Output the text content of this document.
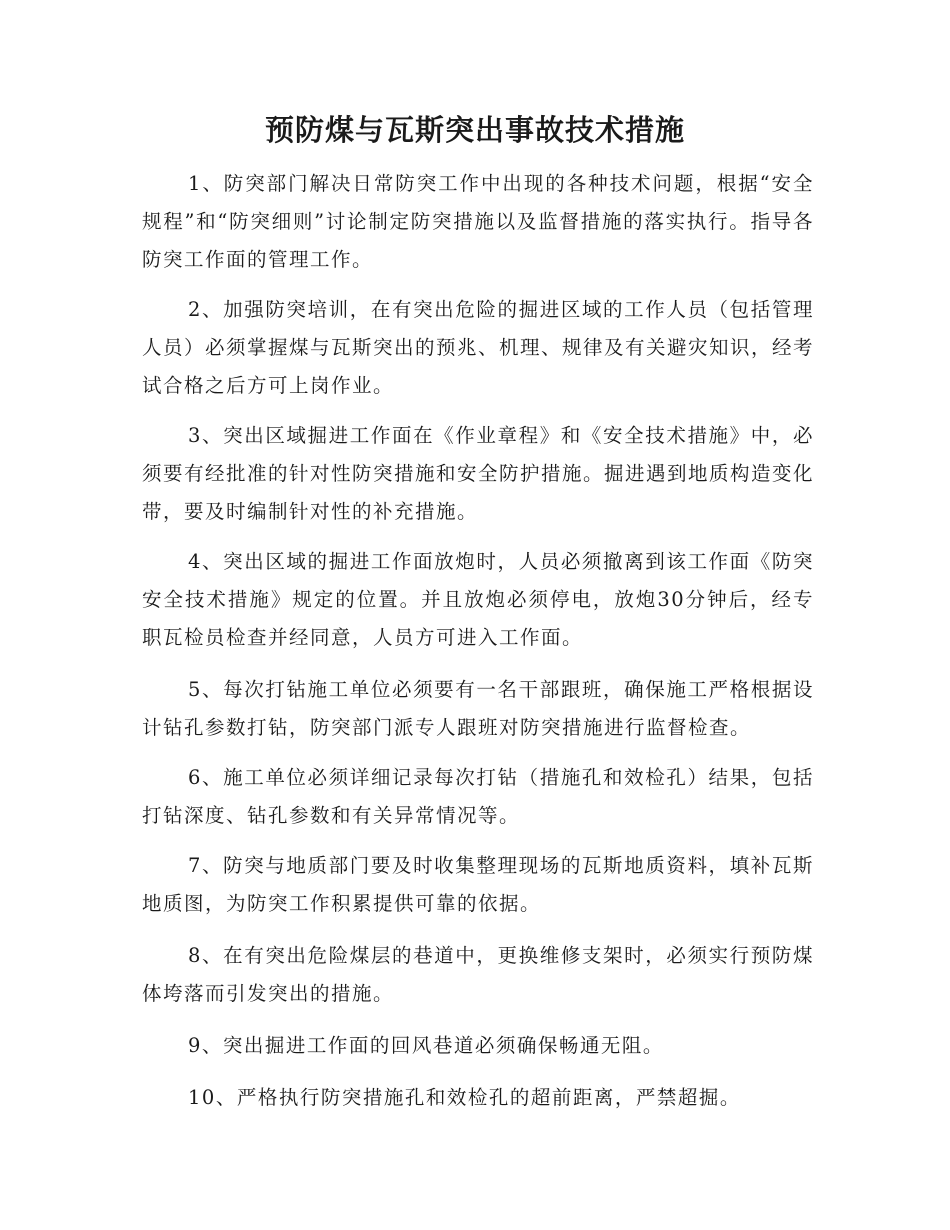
预防煤与瓦斯突出事故技术措施

1、防突部门解决日常防突工作中出现的各种技术问题，根据“安全规程”和“防突细则”讨论制定防突措施以及监督措施的落实执行。指导各防突工作面的管理工作。

2、加强防突培训，在有突出危险的掘进区域的工作人员（包括管理人员）必须掌握煤与瓦斯突出的预兆、机理、规律及有关避灾知识，经考试合格之后方可上岗作业。

3、突出区域掘进工作面在《作业章程》和《安全技术措施》中，必须要有经批准的针对性防突措施和安全防护措施。掘进遇到地质构造变化带，要及时编制针对性的补充措施。

4、突出区域的掘进工作面放炮时，人员必须撤离到该工作面《防突安全技术措施》规定的位置。并且放炮必须停电，放炮30分钟后，经专职瓦检员检查并经同意，人员方可进入工作面。

5、每次打钻施工单位必须要有一名干部跟班，确保施工严格根据设计钻孔参数打钻，防突部门派专人跟班对防突措施进行监督检查。

6、施工单位必须详细记录每次打钻（措施孔和效检孔）结果，包括打钻深度、钻孔参数和有关异常情况等。

7、防突与地质部门要及时收集整理现场的瓦斯地质资料，填补瓦斯地质图，为防突工作积累提供可靠的依据。

8、在有突出危险煤层的巷道中，更换维修支架时，必须实行预防煤体垮落而引发突出的措施。

9、突出掘进工作面的回风巷道必须确保畅通无阻。

10、严格执行防突措施孔和效检孔的超前距离，严禁超掘。
